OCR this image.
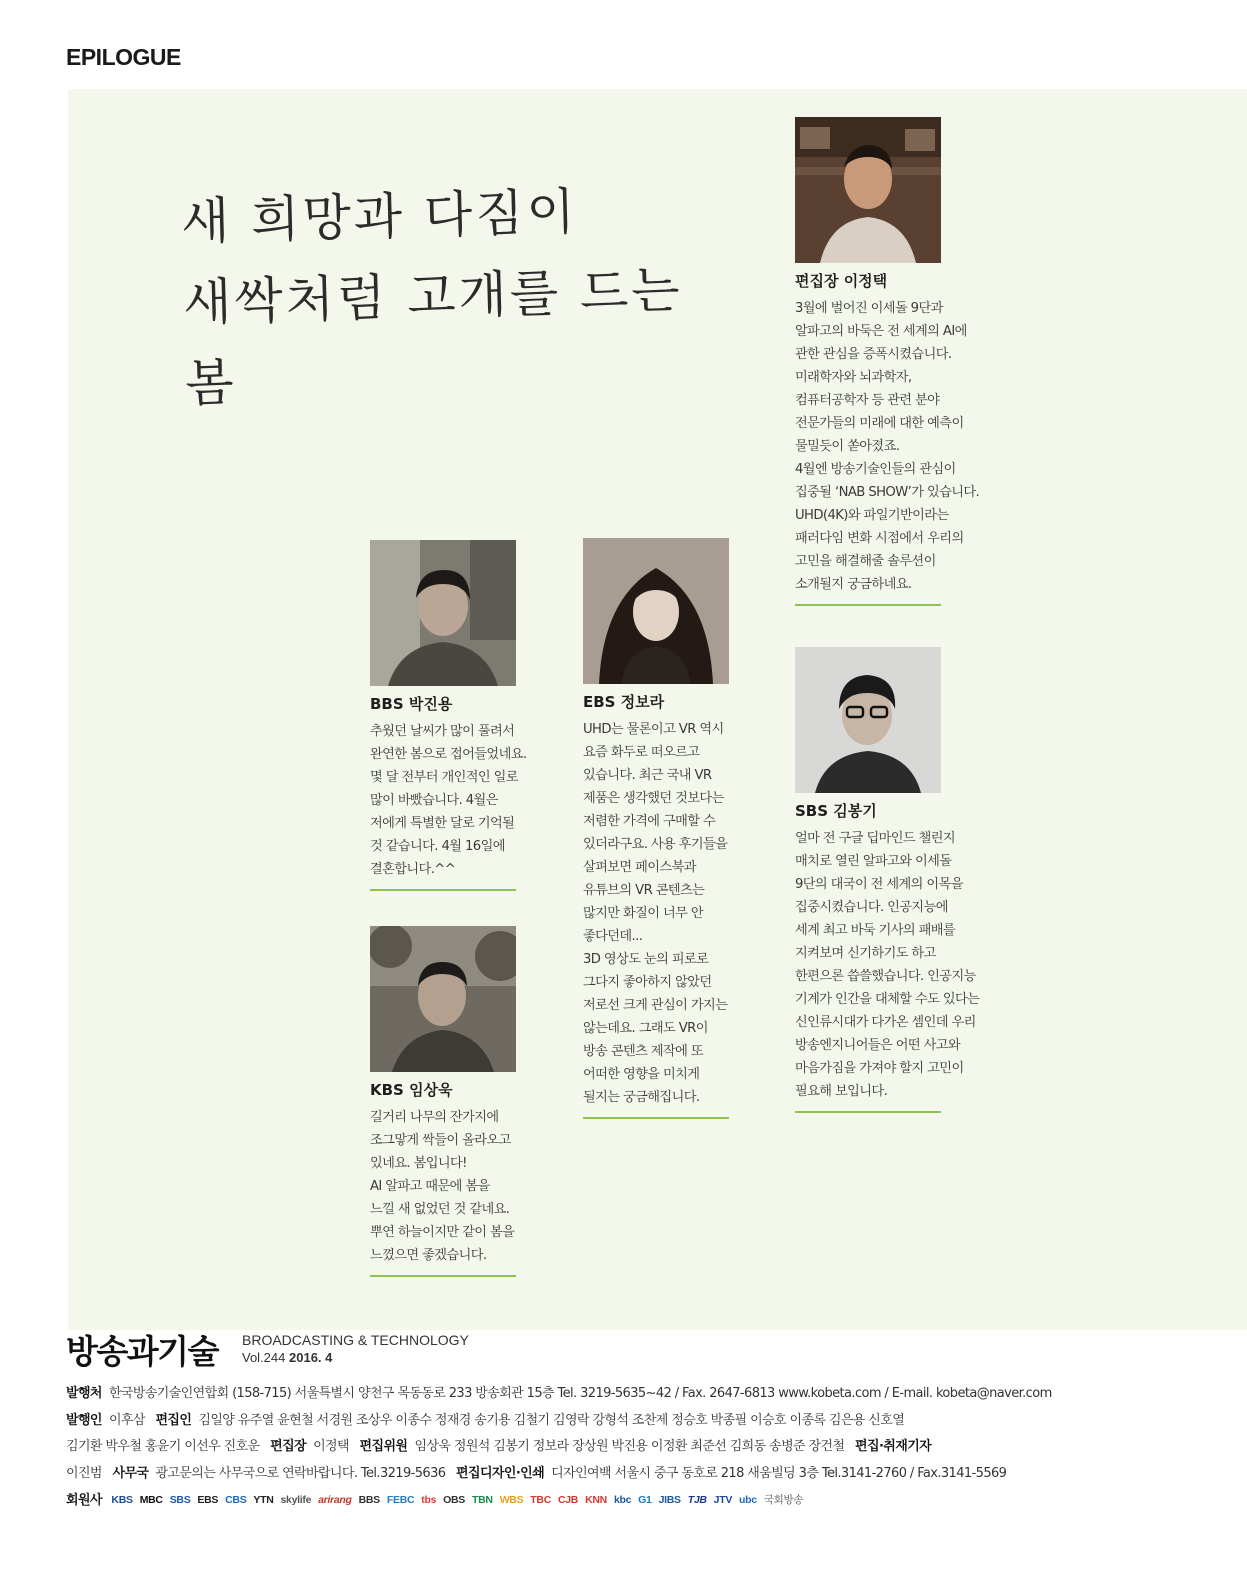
EPILOGUE
새 희망과 다짐이
새싹처럼 고개를 드는
봄
편집장 이정택
3월에 벌어진 이세돌 9단과
알파고의 바둑은 전 세계의 AI에
관한 관심을 증폭시켰습니다.
미래학자와 뇌과학자,
컴퓨터공학자 등 관련 분야
전문가들의 미래에 대한 예측이
물밀듯이 쏟아졌죠.
4월엔 방송기술인들의 관심이
집중될 ‘NAB SHOW’가 있습니다.
UHD(4K)와 파일기반이라는
패러다임 변화 시점에서 우리의
고민을 해결해줄 솔루션이
소개될지 궁금하네요.
BBS 박진용
추웠던 날씨가 많이 풀려서
완연한 봄으로 접어들었네요.
몇 달 전부터 개인적인 일로
많이 바빴습니다. 4월은
저에게 특별한 달로 기억될
것 같습니다. 4월 16일에
결혼합니다.^^
KBS 임상욱
길거리 나무의 잔가지에
조그맣게 싹들이 올라오고
있네요. 봄입니다!
AI 알파고 때문에 봄을
느낄 새 없었던 것 같네요.
뿌연 하늘이지만 같이 봄을
느꼈으면 좋겠습니다.
EBS 정보라
UHD는 물론이고 VR 역시
요즘 화두로 떠오르고
있습니다. 최근 국내 VR
제품은 생각했던 것보다는
저렴한 가격에 구매할 수
있더라구요. 사용 후기들을
살펴보면 페이스북과
유튜브의 VR 콘텐츠는
많지만 화질이 너무 안
좋다던데...
3D 영상도 눈의 피로로
그다지 좋아하지 않았던
저로선 크게 관심이 가지는
않는데요. 그래도 VR이
방송 콘텐츠 제작에 또
어떠한 영향을 미치게
될지는 궁금해집니다.
SBS 김봉기
얼마 전 구글 딥마인드 챌린지
매치로 열린 알파고와 이세돌
9단의 대국이 전 세계의 이목을
집중시켰습니다. 인공지능에
세계 최고 바둑 기사의 패배를
지켜보며 신기하기도 하고
한편으론 씁쓸했습니다. 인공지능
기계가 인간을 대체할 수도 있다는
신인류시대가 다가온 셈인데 우리
방송엔지니어들은 어떤 사고와
마음가짐을 가져야 할지 고민이
필요해 보입니다.
방송과기술 BROADCASTING & TECHNOLOGY
Vol.244 2016. 4
발행처 한국방송기술인연합회 (158-715) 서울특별시 양천구 목동동로 233 방송회관 15층 Tel. 3219-5635~42 / Fax. 2647-6813 www.kobeta.com / E-mail. kobeta@naver.com
발행인 이후삼 편집인 김일양 유주열 윤현철 서경원 조상우 이종수 정재경 송기용 김철기 김영락 강형석 조찬제 정승호 박종필 이승호 이종록 김은용 신호열
김기환 박우철 홍윤기 이선우 진호운 편집장 이정택 편집위원 임상욱 정원석 김봉기 정보라 장상원 박진용 이정환 최준선 김희동 송병준 장건철 편집·취재기자
이진범 사무국 광고문의는 사무국으로 연락바랍니다. Tel.3219-5636 편집디자인·인쇄 디자인여백 서울시 중구 동호로 218 새움빌딩 3층 Tel.3141-2760 / Fax.3141-5569
회원사 KBS MBC SBS EBS CBS YTN skylife arirang BBS FEBC tbs OBS TBN WBS TBC CJB KNN kbc G1 JIBS TJB JTV ubc 국회방송
